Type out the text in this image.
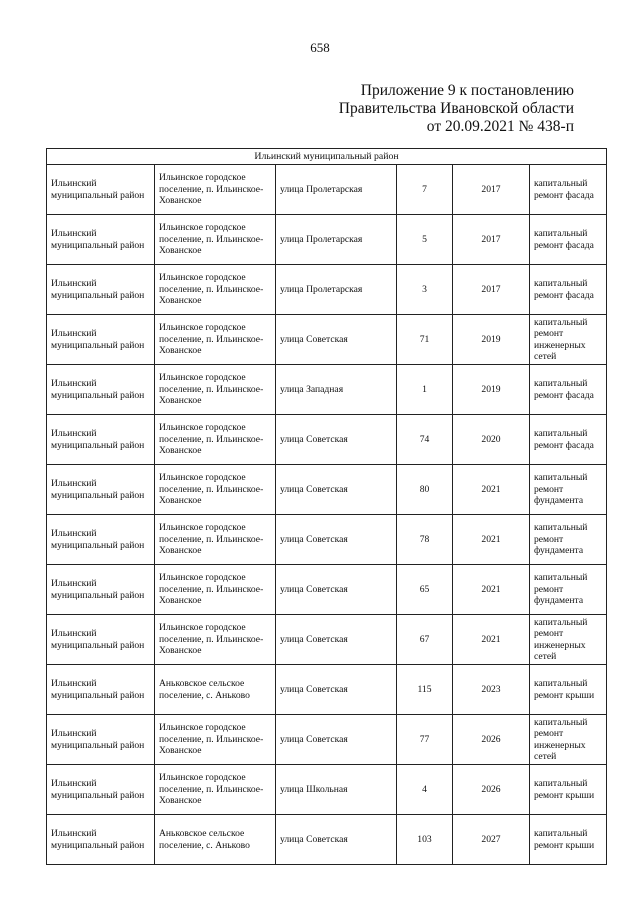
658
Приложение 9 к постановлению
Правительства Ивановской области
от 20.09.2021 № 438-п
Ильинский муниципальный район					
Ильинский муниципальный район	Ильинское городское поселение, п. Ильинское-Хованское	улица Пролетарская	7	2017	капитальный ремонт фасада
Ильинский муниципальный район	Ильинское городское поселение, п. Ильинское-Хованское	улица Пролетарская	5	2017	капитальный ремонт фасада
Ильинский муниципальный район	Ильинское городское поселение, п. Ильинское-Хованское	улица Пролетарская	3	2017	капитальный ремонт фасада
Ильинский муниципальный район	Ильинское городское поселение, п. Ильинское-Хованское	улица Советская	71	2019	капитальный ремонт инженерных сетей
Ильинский муниципальный район	Ильинское городское поселение, п. Ильинское-Хованское	улица Западная	1	2019	капитальный ремонт фасада
Ильинский муниципальный район	Ильинское городское поселение, п. Ильинское-Хованское	улица Советская	74	2020	капитальный ремонт фасада
Ильинский муниципальный район	Ильинское городское поселение, п. Ильинское-Хованское	улица Советская	80	2021	капитальный ремонт фундамента
Ильинский муниципальный район	Ильинское городское поселение, п. Ильинское-Хованское	улица Советская	78	2021	капитальный ремонт фундамента
Ильинский муниципальный район	Ильинское городское поселение, п. Ильинское-Хованское	улица Советская	65	2021	капитальный ремонт фундамента
Ильинский муниципальный район	Ильинское городское поселение, п. Ильинское-Хованское	улица Советская	67	2021	капитальный ремонт инженерных сетей
Ильинский муниципальный район	Аньковское сельское поселение, с. Аньково	улица Советская	115	2023	капитальный ремонт крыши
Ильинский муниципальный район	Ильинское городское поселение, п. Ильинское-Хованское	улица Советская	77	2026	капитальный ремонт инженерных сетей
Ильинский муниципальный район	Ильинское городское поселение, п. Ильинское-Хованское	улица Школьная	4	2026	капитальный ремонт крыши
Ильинский муниципальный район	Аньковское сельское поселение, с. Аньково	улица Советская	103	2027	капитальный ремонт крыши
